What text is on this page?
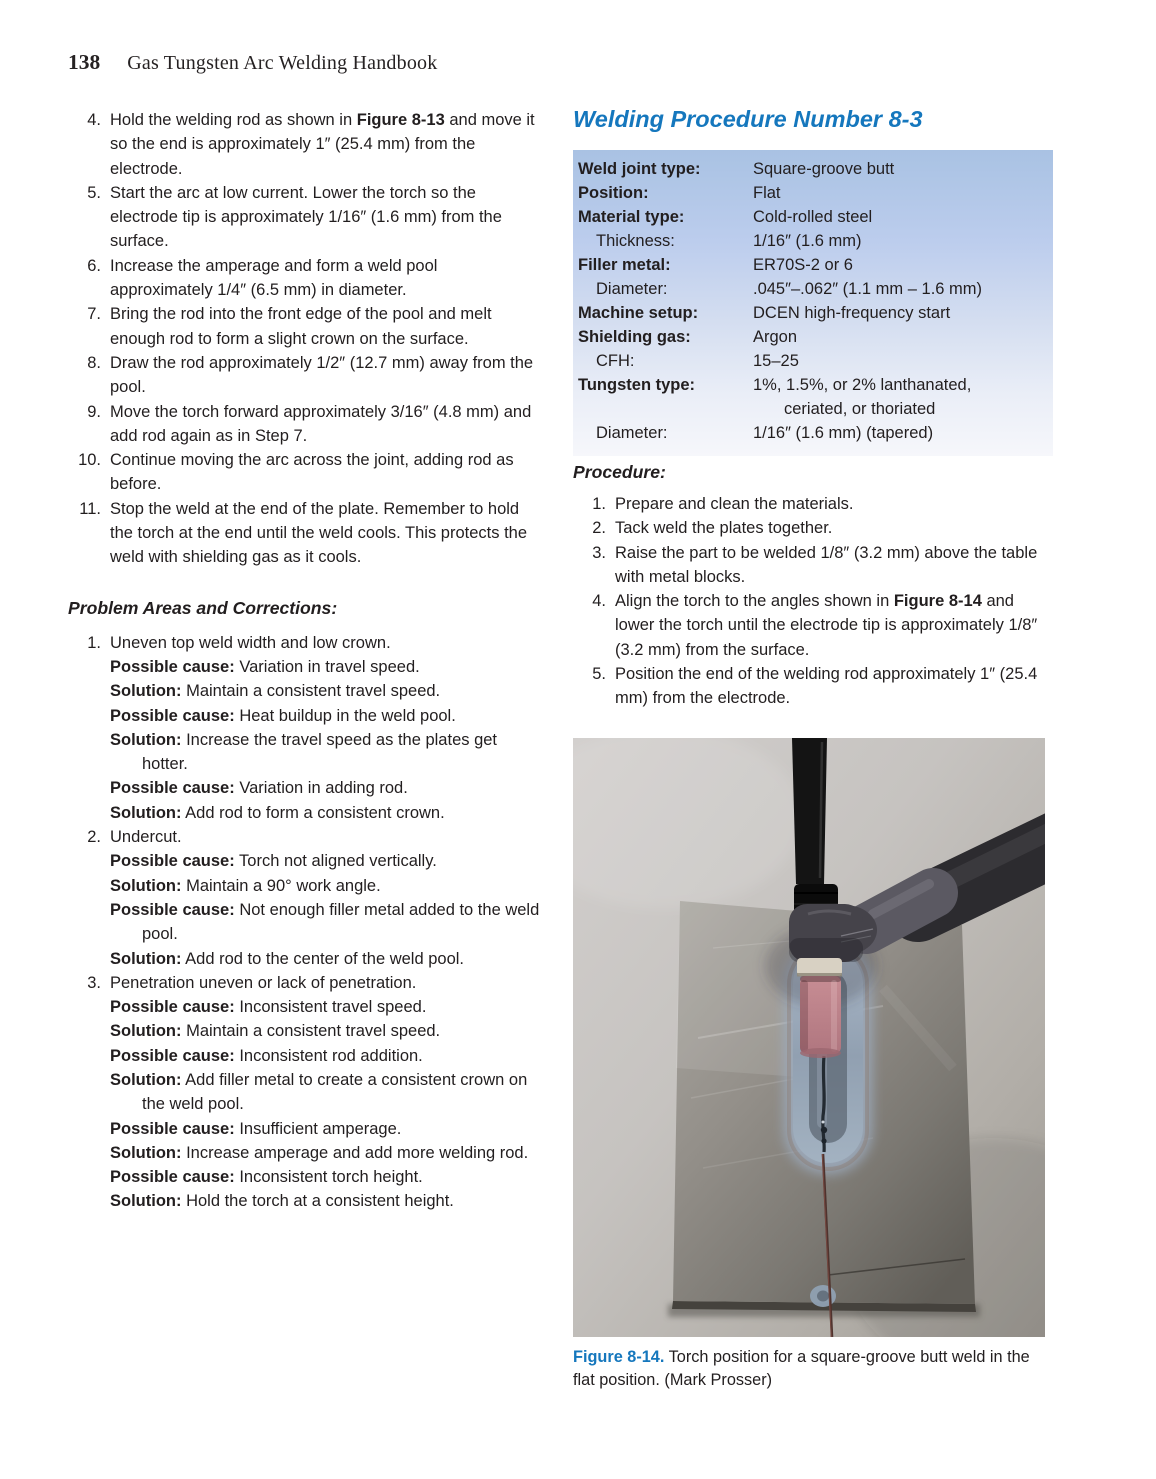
138 Gas Tungsten Arc Welding Handbook
4. Hold the welding rod as shown in Figure 8-13 and move it so the end is approximately 1″ (25.4 mm) from the electrode.
5. Start the arc at low current. Lower the torch so the electrode tip is approximately 1/16″ (1.6 mm) from the surface.
6. Increase the amperage and form a weld pool approximately 1/4″ (6.5 mm) in diameter.
7. Bring the rod into the front edge of the pool and melt enough rod to form a slight crown on the surface.
8. Draw the rod approximately 1/2″ (12.7 mm) away from the pool.
9. Move the torch forward approximately 3/16″ (4.8 mm) and add rod again as in Step 7.
10. Continue moving the arc across the joint, adding rod as before.
11. Stop the weld at the end of the plate. Remember to hold the torch at the end until the weld cools. This protects the weld with shielding gas as it cools.
Problem Areas and Corrections:
1. Uneven top weld width and low crown.
Possible cause: Variation in travel speed.
Solution: Maintain a consistent travel speed.
Possible cause: Heat buildup in the weld pool.
Solution: Increase the travel speed as the plates get hotter.
Possible cause: Variation in adding rod.
Solution: Add rod to form a consistent crown.
2. Undercut.
Possible cause: Torch not aligned vertically.
Solution: Maintain a 90° work angle.
Possible cause: Not enough filler metal added to the weld pool.
Solution: Add rod to the center of the weld pool.
3. Penetration uneven or lack of penetration.
Possible cause: Inconsistent travel speed.
Solution: Maintain a consistent travel speed.
Possible cause: Inconsistent rod addition.
Solution: Add filler metal to create a consistent crown on the weld pool.
Possible cause: Insufficient amperage.
Solution: Increase amperage and add more welding rod.
Possible cause: Inconsistent torch height.
Solution: Hold the torch at a consistent height.
Welding Procedure Number 8-3
Weld joint type:	Square-groove butt
Position:	Flat
Material type:	Cold-rolled steel
Thickness:	1/16″ (1.6 mm)
Filler metal:	ER70S-2 or 6
Diameter:	.045″–.062″ (1.1 mm – 1.6 mm)
Machine setup:	DCEN high-frequency start
Shielding gas:	Argon
CFH:	15–25
Tungsten type:	1%, 1.5%, or 2% lanthanated,
ceriated, or thoriated
Diameter:	1/16″ (1.6 mm) (tapered)
Procedure:
1. Prepare and clean the materials.
2. Tack weld the plates together.
3. Raise the part to be welded 1/8″ (3.2 mm) above the table with metal blocks.
4. Align the torch to the angles shown in Figure 8-14 and lower the torch until the electrode tip is approximately 1/8″ (3.2 mm) from the surface.
5. Position the end of the welding rod approximately 1″ (25.4 mm) from the electrode.

Figure 8-14. Torch position for a square-groove butt weld in the flat position. (Mark Prosser)
